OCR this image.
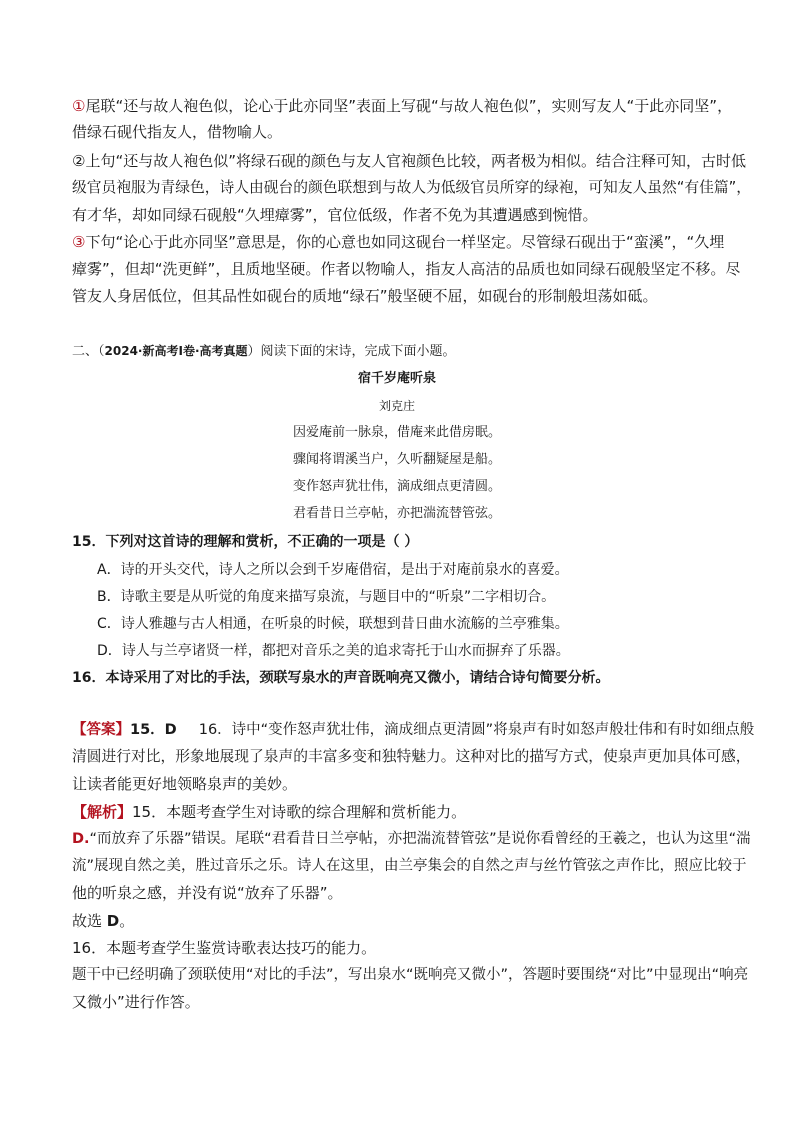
①尾联“还与故人袍色似，论心于此亦同坚”表面上写砚“与故人袍色似”，实则写友人“于此亦同坚”，
借绿石砚代指友人，借物喻人。
②上句“还与故人袍色似”将绿石砚的颜色与友人官袍颜色比较，两者极为相似。结合注释可知，古时低
级官员袍服为青绿色，诗人由砚台的颜色联想到与故人为低级官员所穿的绿袍，可知友人虽然“有佳篇”，
有才华，却如同绿石砚般“久埋瘴雾”，官位低级，作者不免为其遭遇感到惋惜。
③下句“论心于此亦同坚”意思是，你的心意也如同这砚台一样坚定。尽管绿石砚出于“蛮溪”，“久埋
瘴雾”，但却“洗更鲜”，且质地坚硬。作者以物喻人，指友人高洁的品质也如同绿石砚般坚定不移。尽
管友人身居低位，但其品性如砚台的质地“绿石”般坚硬不屈，如砚台的形制般坦荡如砥。
二、（2024·新高考Ⅰ卷·高考真题）阅读下面的宋诗，完成下面小题。
宿千岁庵听泉
刘克庄
因爱庵前一脉泉，借庵来此借房眠。
骤闻将谓溪当户，久听翻疑屋是船。
变作怒声犹壮伟，滴成细点更清圆。
君看昔日兰亭帖，亦把湍流替管弦。
15．下列对这首诗的理解和赏析，不正确的一项是（ ）
A．诗的开头交代，诗人之所以会到千岁庵借宿，是出于对庵前泉水的喜爱。
B．诗歌主要是从听觉的角度来描写泉流，与题目中的“听泉”二字相切合。
C．诗人雅趣与古人相通，在听泉的时候，联想到昔日曲水流觞的兰亭雅集。
D．诗人与兰亭诸贤一样，都把对音乐之美的追求寄托于山水而摒弃了乐器。
16．本诗采用了对比的手法，颈联写泉水的声音既响亮又微小，请结合诗句简要分析。
【答案】15．D 16．诗中“变作怒声犹壮伟，滴成细点更清圆”将泉声有时如怒声般壮伟和有时如细点般
清圆进行对比，形象地展现了泉声的丰富多变和独特魅力。这种对比的描写方式，使泉声更加具体可感，
让读者能更好地领略泉声的美妙。
【解析】15．本题考查学生对诗歌的综合理解和赏析能力。
D.“而放弃了乐器”错误。尾联“君看昔日兰亭帖，亦把湍流替管弦”是说你看曾经的王羲之，也认为这里“湍
流”展现自然之美，胜过音乐之乐。诗人在这里，由兰亭集会的自然之声与丝竹管弦之声作比，照应比较于
他的听泉之感，并没有说“放弃了乐器”。
故选 D。
16．本题考查学生鉴赏诗歌表达技巧的能力。
题干中已经明确了颈联使用“对比的手法”，写出泉水“既响亮又微小”，答题时要围绕“对比”中显现出“响亮
又微小”进行作答。
